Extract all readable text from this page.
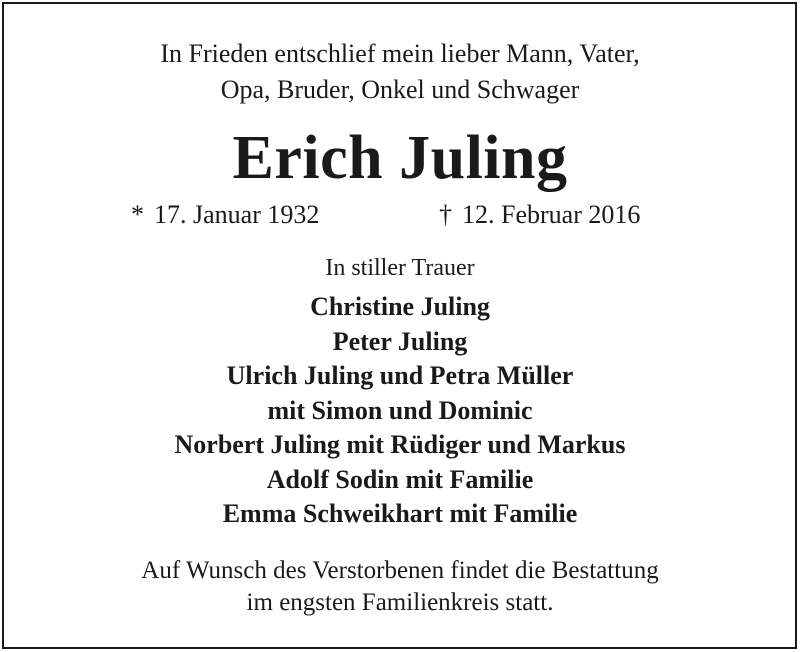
In Frieden entschlief mein lieber Mann, Vater,
Opa, Bruder, Onkel und Schwager
Erich Juling
* 17. Januar 1932	† 12. Februar 2016
In stiller Trauer
Christine Juling
Peter Juling
Ulrich Juling und Petra Müller
mit Simon und Dominic
Norbert Juling mit Rüdiger und Markus
Adolf Sodin mit Familie
Emma Schweikhart mit Familie
Auf Wunsch des Verstorbenen findet die Bestattung
im engsten Familienkreis statt.
